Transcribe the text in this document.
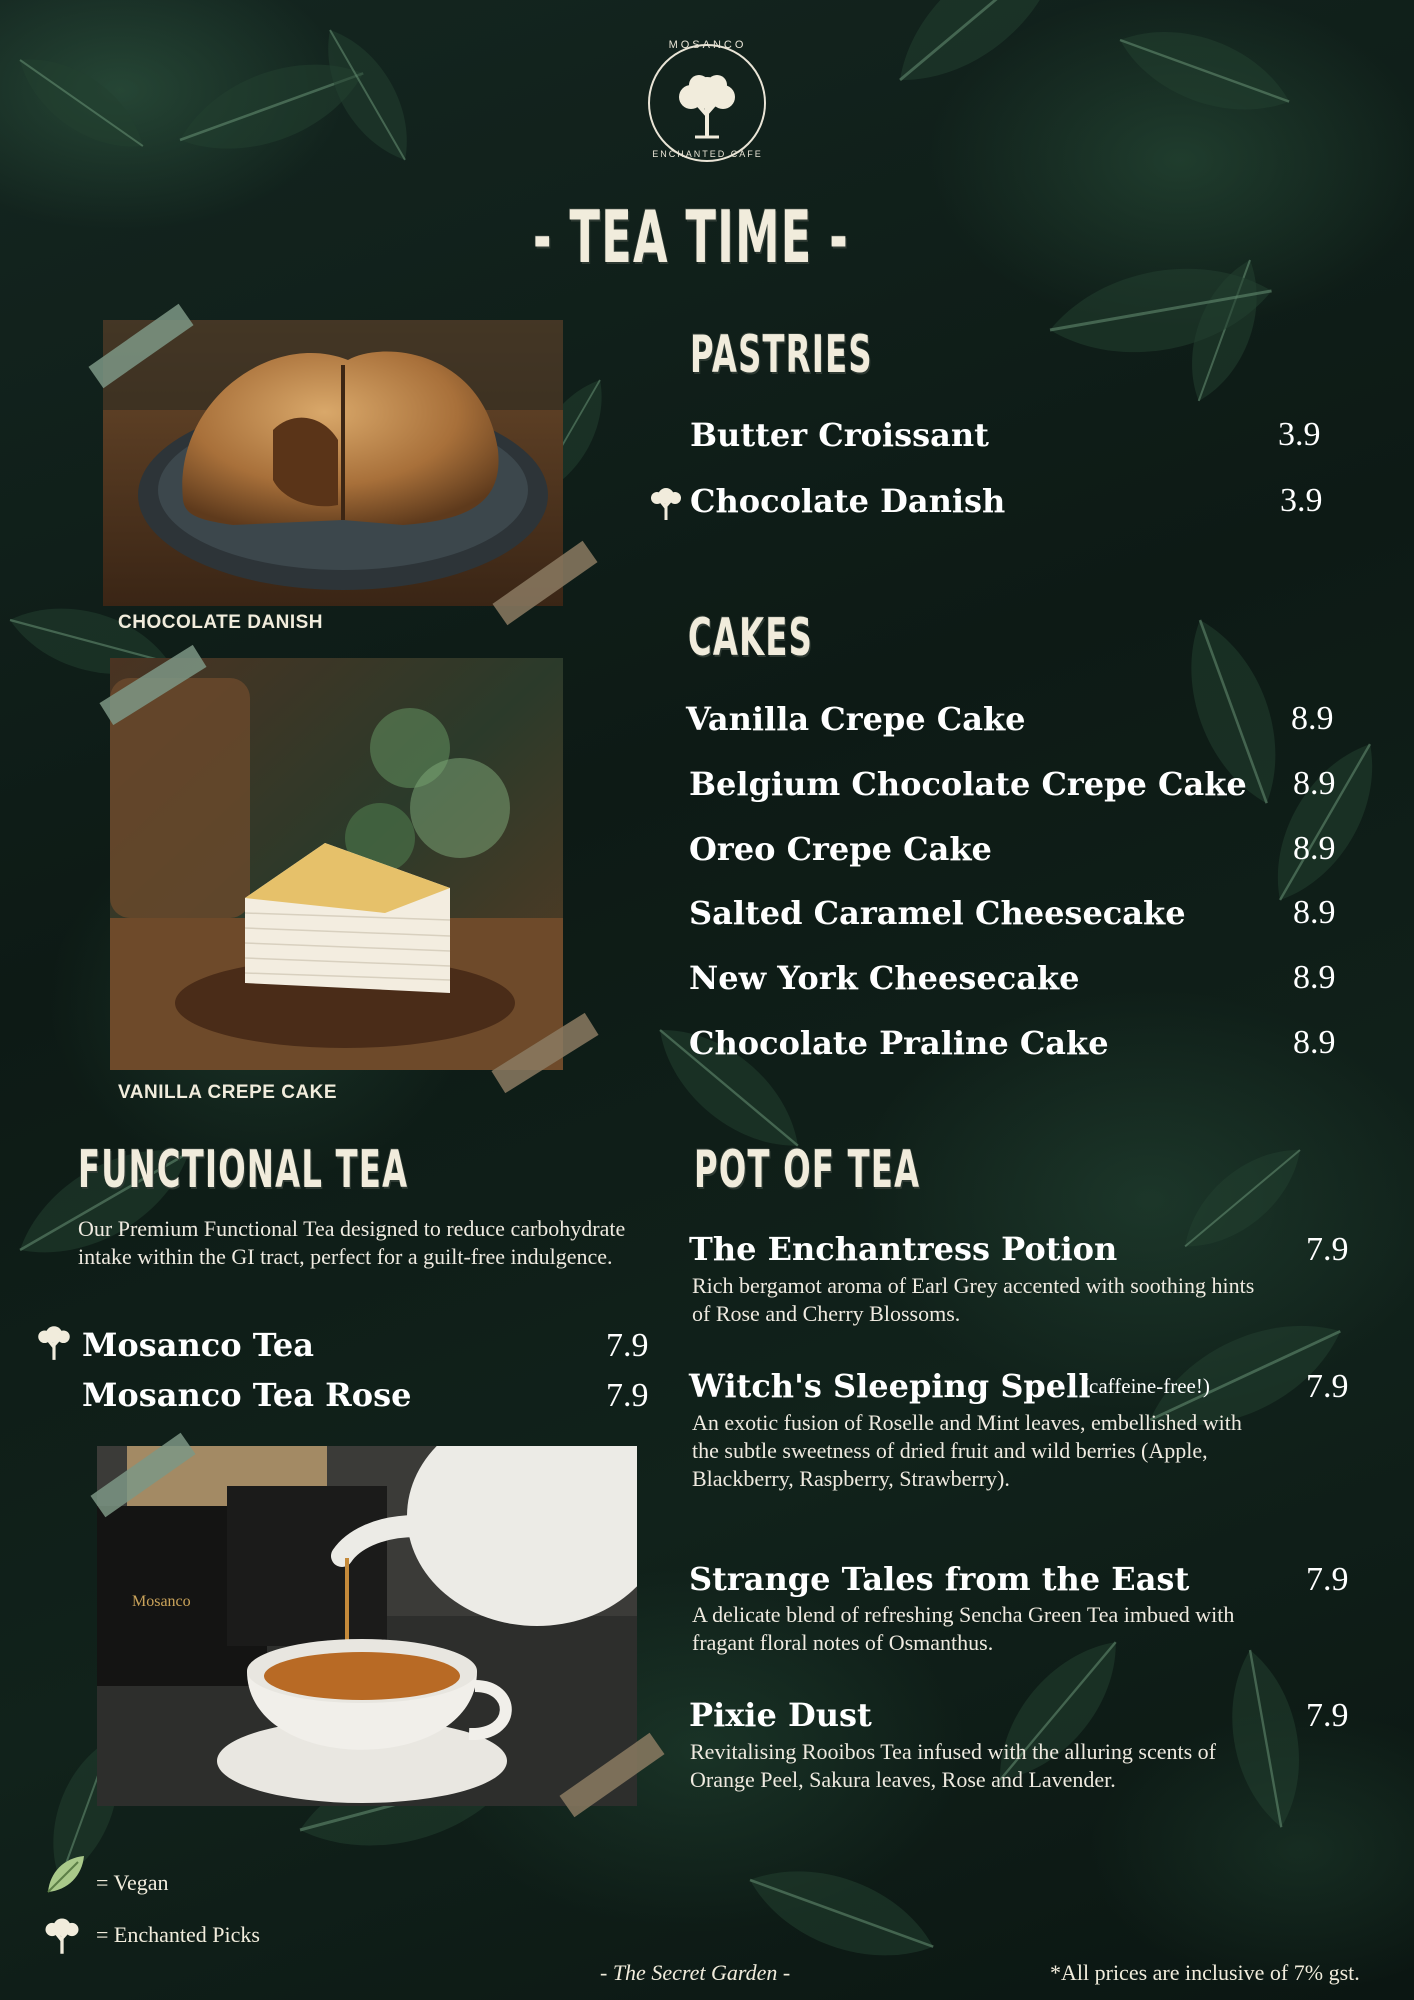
MOSANCO
ENCHANTED CAFE
- TEA TIME -
CHOCOLATE DANISH
VANILLA CREPE CAKE
PASTRIES
Butter Croissant	3.9
Chocolate Danish	3.9
CAKES
Vanilla Crepe Cake	8.9
Belgium Chocolate Crepe Cake 8.9
Oreo Crepe Cake	8.9
Salted Caramel Cheesecake	8.9
New York Cheesecake	8.9
Chocolate Praline Cake	8.9
FUNCTIONAL TEA
Our Premium Functional Tea designed to reduce carbohydrate intake within the GI tract, perfect for a guilt-free indulgence.
Mosanco Tea	7.9
Mosanco Tea Rose	7.9
Mosanco
POT OF TEA
The Enchantress Potion	7.9
Rich bergamot aroma of Earl Grey accented with soothing hints of Rose and Cherry Blossoms.
Witch's Sleeping Spell
(caffeine-free!)	7.9
An exotic fusion of Roselle and Mint leaves, embellished with the subtle sweetness of dried fruit and wild berries (Apple, Blackberry, Raspberry, Strawberry).
Strange Tales from the East	7.9
A delicate blend of refreshing Sencha Green Tea imbued with fragant floral notes of Osmanthus.
Pixie Dust	7.9
Revitalising Rooibos Tea infused with the alluring scents of Orange Peel, Sakura leaves, Rose and Lavender.
= Vegan
= Enchanted Picks
- The Secret Garden -	*All prices are inclusive of 7% gst.
